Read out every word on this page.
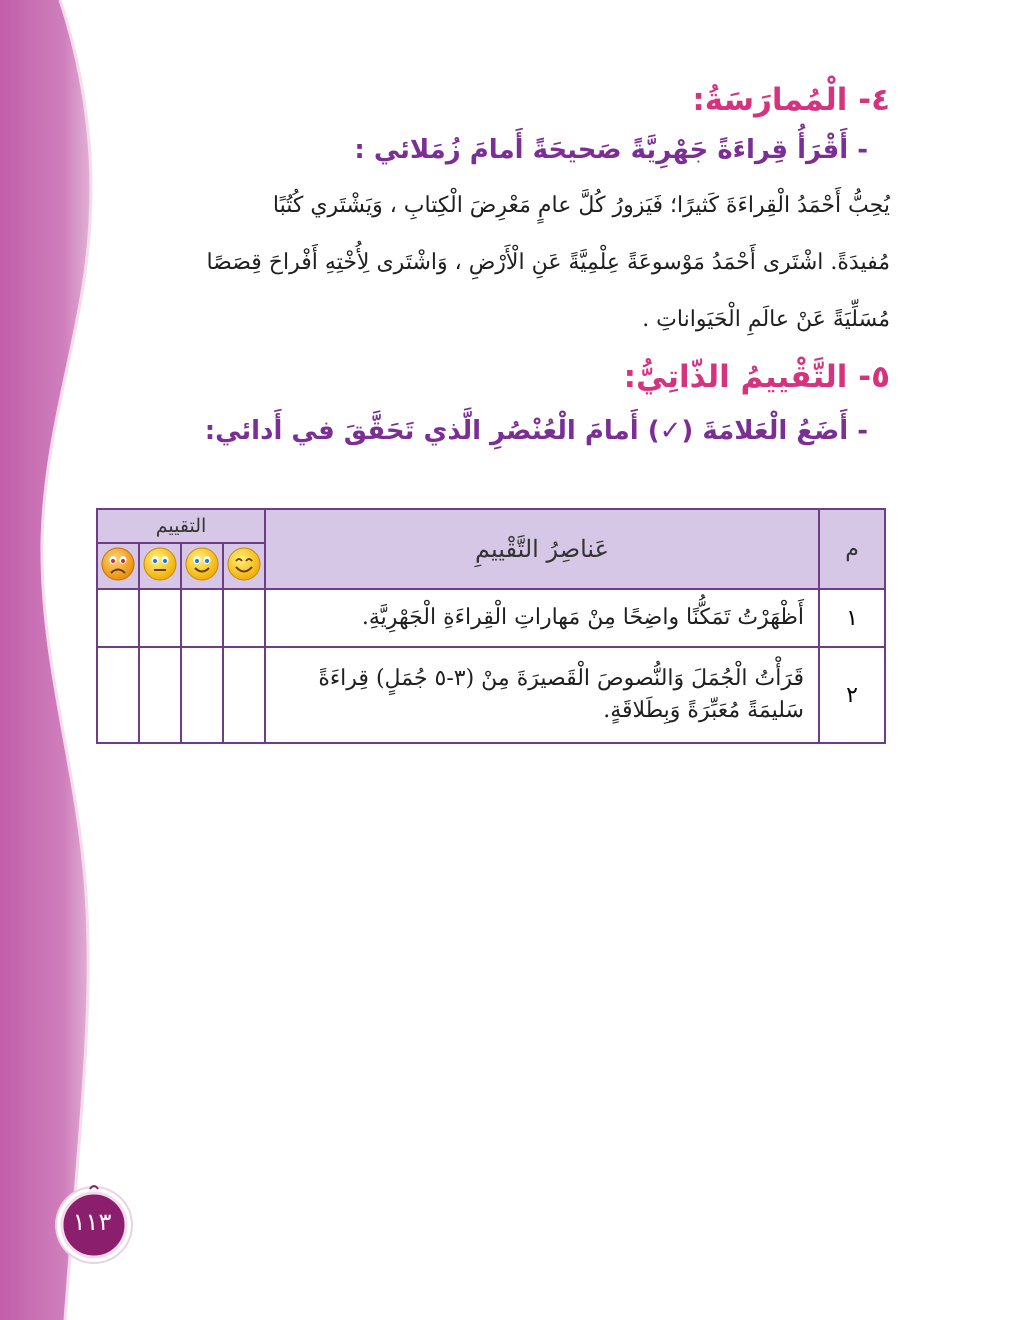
٤- الْمُمارَسَةُ:
- أَقْرَأُ قِراءَةً جَهْرِيَّةً صَحيحَةً أَمامَ زُمَلائي :

يُحِبُّ أَحْمَدُ الْقِراءَةَ كَثيرًا؛ فَيَزورُ كُلَّ عامٍ مَعْرِضَ الْكِتابِ ، وَيَشْتَري كُتُبًا

مُفيدَةً. اشْتَرى أَحْمَدُ مَوْسوعَةً عِلْمِيَّةً عَنِ الْأَرْضِ ، وَاشْتَرى لِأُخْتِهِ أَفْراحَ قِصَصًا

مُسَلِّيَةً عَنْ عالَمِ الْحَيَواناتِ .

٥- التَّقْييمُ الذّاتِيُّ:
- أَضَعُ الْعَلامَةَ (✓) أَمامَ الْعُنْصُرِ الَّذي تَحَقَّقَ في أَدائي:
م	عَناصِرُ التَّقْييمِ	التقييم			

١	أَظْهَرْتُ تَمَكُّنًا واضِحًا مِنْ مَهاراتِ الْقِراءَةِ الْجَهْرِيَّةِ.				
٢	قَرَأْتُ الْجُمَلَ وَالنُّصوصَ الْقَصيرَةَ مِنْ (٣-٥ جُمَلٍ) قِراءَةً سَليمَةً مُعَبِّرَةً وَبِطَلاقَةٍ.				
١١٣
